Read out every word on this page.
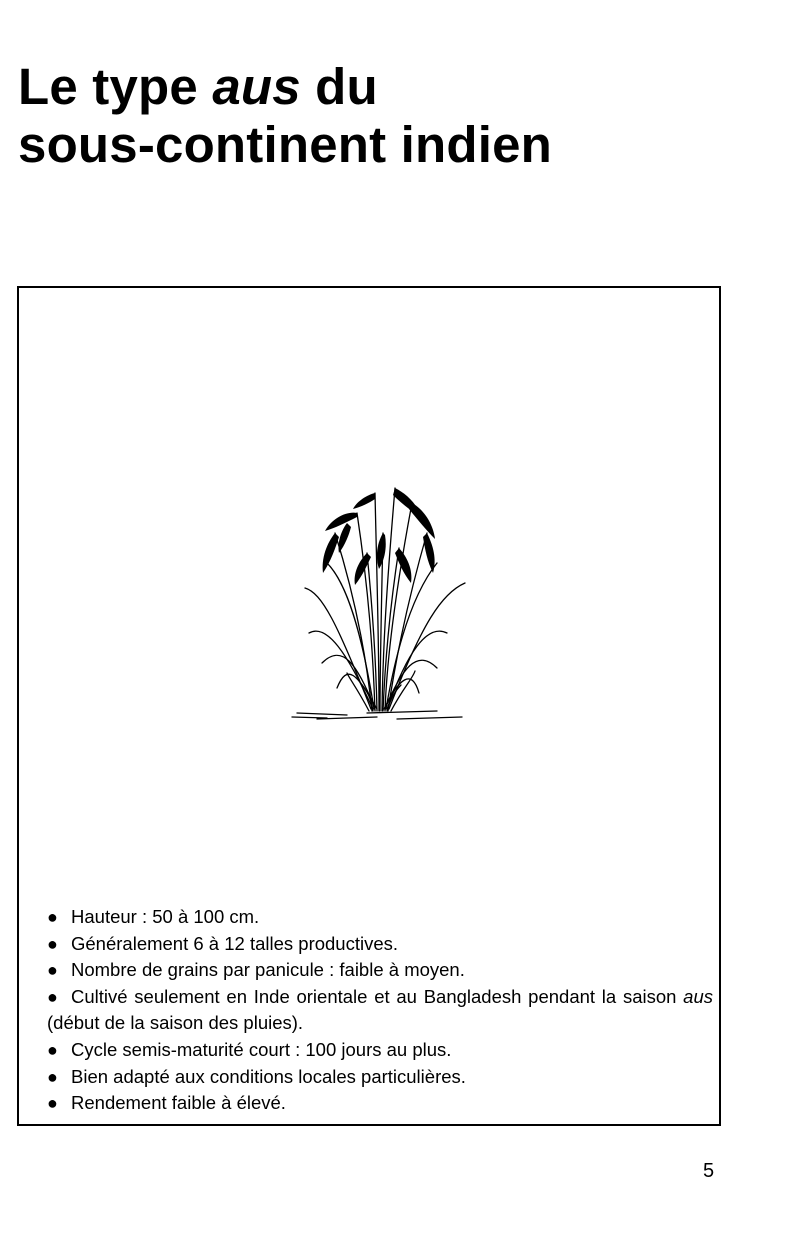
Le type aus du
sous-continent indien
● Hauteur : 50 à 100 cm.
● Généralement 6 à 12 talles productives.
● Nombre de grains par panicule : faible à moyen.
● Cultivé seulement en Inde orientale et au Bangladesh pendant la saison aus (début de la saison des pluies).
● Cycle semis-maturité court : 100 jours au plus.
● Bien adapté aux conditions locales particulières.
● Rendement faible à élevé.
5
